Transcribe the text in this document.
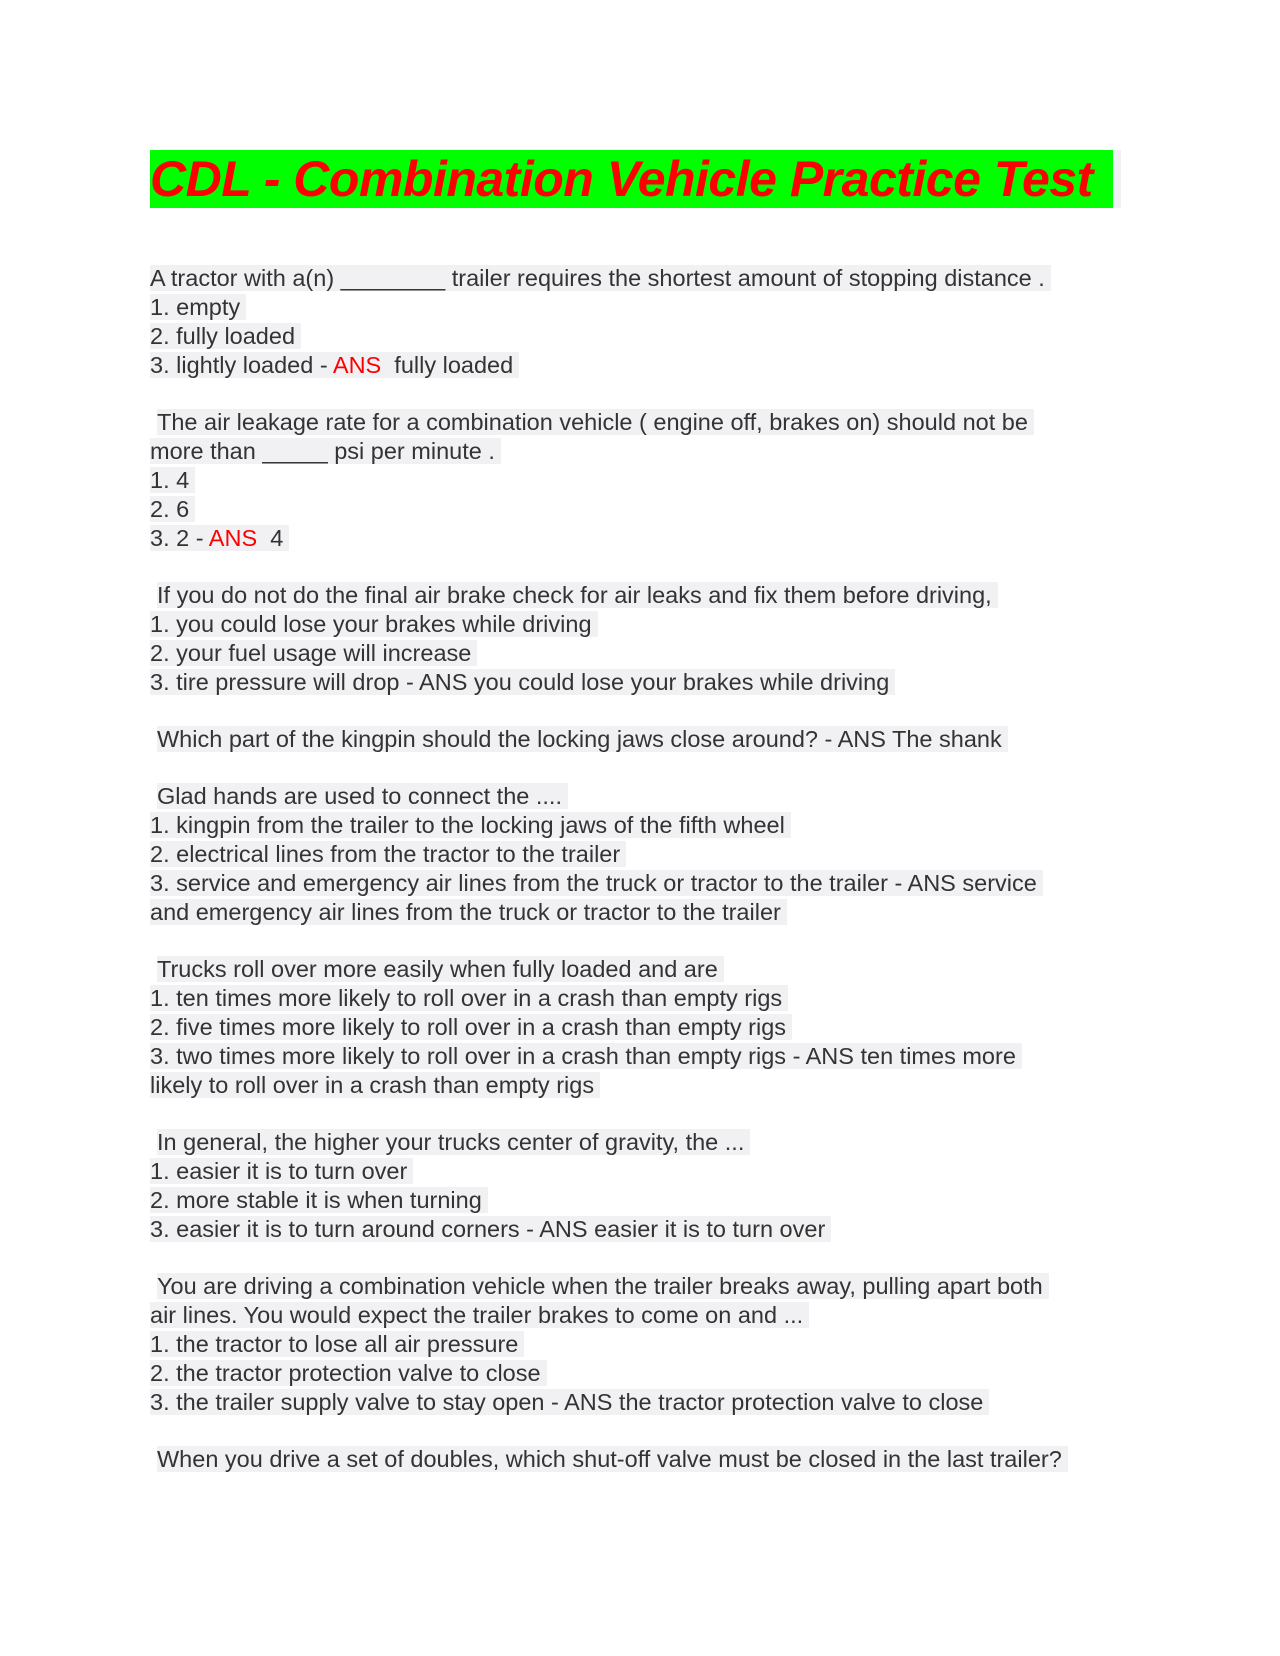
CDL - Combination Vehicle Practice Test
A tractor with a(n) ________ trailer requires the shortest amount of stopping distance .
1. empty
2. fully loaded
3. lightly loaded - ANS fully loaded
The air leakage rate for a combination vehicle ( engine off, brakes on) should not be
more than _____ psi per minute .
1. 4
2. 6
3. 2 - ANS 4
If you do not do the final air brake check for air leaks and fix them before driving,
1. you could lose your brakes while driving
2. your fuel usage will increase
3. tire pressure will drop - ANS you could lose your brakes while driving
Which part of the kingpin should the locking jaws close around? - ANS The shank
Glad hands are used to connect the ....
1. kingpin from the trailer to the locking jaws of the fifth wheel
2. electrical lines from the tractor to the trailer
3. service and emergency air lines from the truck or tractor to the trailer - ANS service
and emergency air lines from the truck or tractor to the trailer
Trucks roll over more easily when fully loaded and are
1. ten times more likely to roll over in a crash than empty rigs
2. five times more likely to roll over in a crash than empty rigs
3. two times more likely to roll over in a crash than empty rigs - ANS ten times more
likely to roll over in a crash than empty rigs
In general, the higher your trucks center of gravity, the ...
1. easier it is to turn over
2. more stable it is when turning
3. easier it is to turn around corners - ANS easier it is to turn over
You are driving a combination vehicle when the trailer breaks away, pulling apart both
air lines. You would expect the trailer brakes to come on and ...
1. the tractor to lose all air pressure
2. the tractor protection valve to close
3. the trailer supply valve to stay open - ANS the tractor protection valve to close
When you drive a set of doubles, which shut-off valve must be closed in the last trailer?
